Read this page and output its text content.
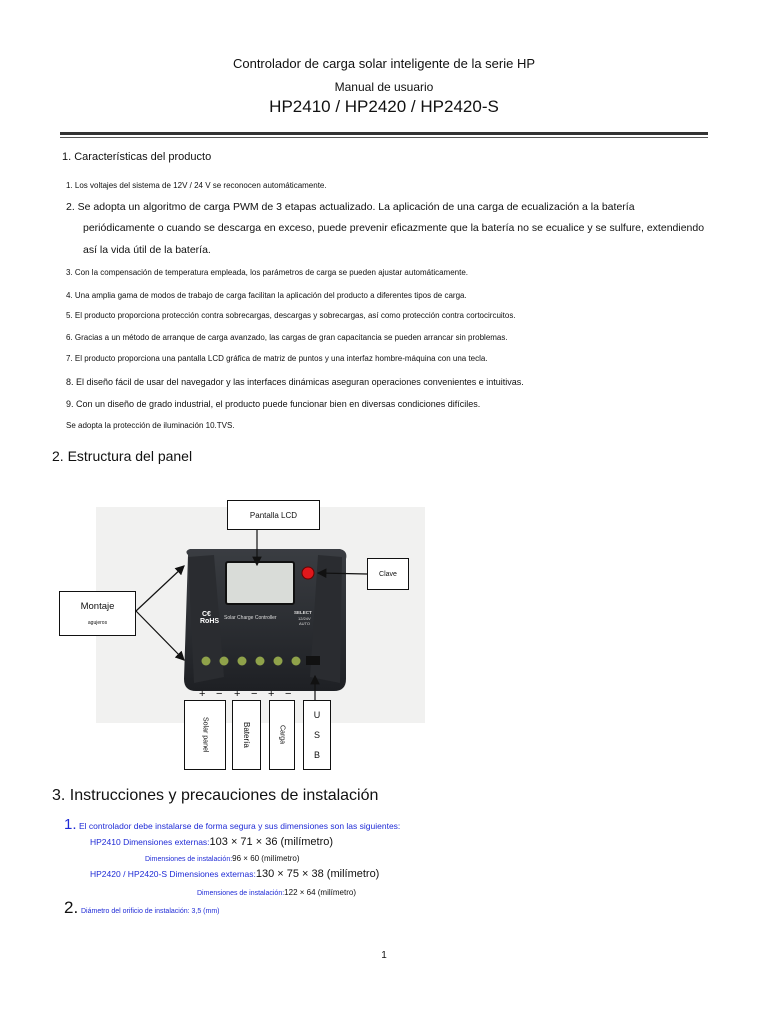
Controlador de carga solar inteligente de la serie HP
Manual de usuario
HP2410 / HP2420 / HP2420-S
1. Características del producto
1. Los voltajes del sistema de 12V / 24 V se reconocen automáticamente.
2. Se adopta un algoritmo de carga PWM de 3 etapas actualizado. La aplicación de una carga de ecualización a la batería
periódicamente o cuando se descarga en exceso, puede prevenir eficazmente que la batería no se ecualice y se sulfure, extendiendo
así la vida útil de la batería.
3. Con la compensación de temperatura empleada, los parámetros de carga se pueden ajustar automáticamente.
4. Una amplia gama de modos de trabajo de carga facilitan la aplicación del producto a diferentes tipos de carga.
5. El producto proporciona protección contra sobrecargas, descargas y sobrecargas, así como protección contra cortocircuitos.
6. Gracias a un método de arranque de carga avanzado, las cargas de gran capacitancia se pueden arrancar sin problemas.
7. El producto proporciona una pantalla LCD gráfica de matriz de puntos y una interfaz hombre-máquina con una tecla.
8. El diseño fácil de usar del navegador y las interfaces dinámicas aseguran operaciones convenientes e intuitivas.
9. Con un diseño de grado industrial, el producto puede funcionar bien en diversas condiciones difíciles.
Se adopta la protección de iluminación 10.TVS.
2. Estructura del panel
C€
RoHS Solar Charge Controller
SELECT
12/24V
AUTO
Pantalla LCD
Clave
Montaje
agujeros
+ − + − + −
Solar panel	Batería	Carga
U
S
B
3. Instrucciones y precauciones de instalación
1. El controlador debe instalarse de forma segura y sus dimensiones son las siguientes:
HP2410 Dimensiones externas:103 × 71 × 36 (milímetro)
Dimensiones de instalación:96 × 60 (milímetro)
HP2420 / HP2420-S Dimensiones externas:130 × 75 × 38 (milímetro)
Dimensiones de instalación:122 × 64 (milímetro)
2. Diámetro del orificio de instalación: 3,5 (mm)
1
